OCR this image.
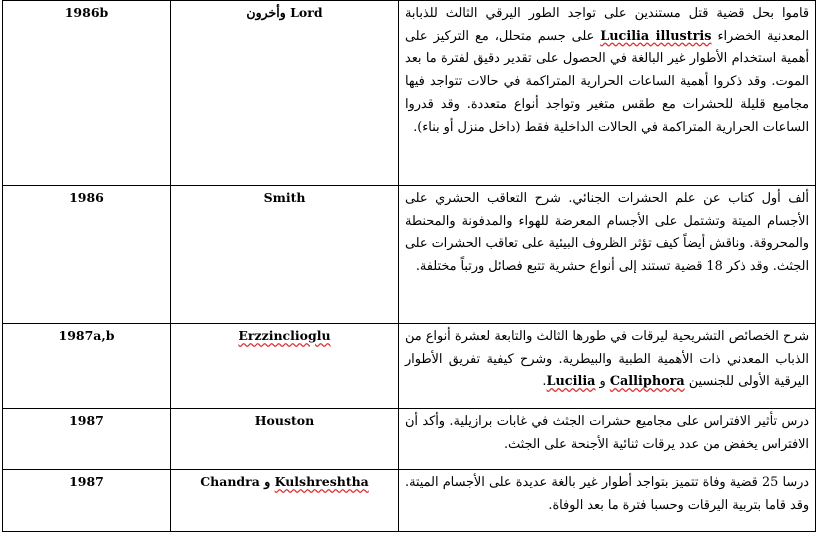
قاموا بحل قضية قتل مستندين على تواجد الطور اليرقي الثالث للذبابة المعدنية الخضراء Lucilia illustris على جسم متحلل، مع التركيز على أهمية استخدام الأطوار غير البالغة في الحصول على تقدير دقيق لفترة ما بعد الموت. وقد ذكروا أهمية الساعات الحرارية المتراكمة في حالات تتواجد فيها مجاميع قليلة للحشرات مع طقس متغير وتواجد أنواع متعددة. وقد قدروا الساعات الحرارية المتراكمة في الحالات الداخلية فقط (داخل منزل أو بناء).	Lord وأخرون	1986b
ألف أول كتاب عن علم الحشرات الجنائي. شرح التعاقب الحشري على الأجسام الميتة وتشتمل على الأجسام المعرضة للهواء والمدفونة والمحنطة والمحروقة. وناقش أيضاً كيف تؤثر الظروف البيئية على تعاقب الحشرات على الجثث. وقد ذكر 18 قضية تستند إلى أنواع حشرية تتبع فصائل ورتباً مختلفة.	Smith	1986
شرح الخصائص التشريحية ليرقات في طورها الثالث والتابعة لعشرة أنواع من الذباب المعدني ذات الأهمية الطبية والبيطرية. وشرح كيفية تفريق الأطوار اليرقية الأولى للجنسين Calliphora و Lucilia.	Erzzinclioglu	1987a,b
درس تأثير الافتراس على مجاميع حشرات الجثث في غابات برازيلية. وأكد أن الافتراس يخفض من عدد يرقات ثنائية الأجنحة على الجثث.	Houston	1987
درسا 25 قضية وفاة تتميز بتواجد أطوار غير بالغة عديدة على الأجسام الميتة. وقد قاما بتربية اليرقات وحسبا فترة ما بعد الوفاة.	Kulshreshtha و Chandra	1987
